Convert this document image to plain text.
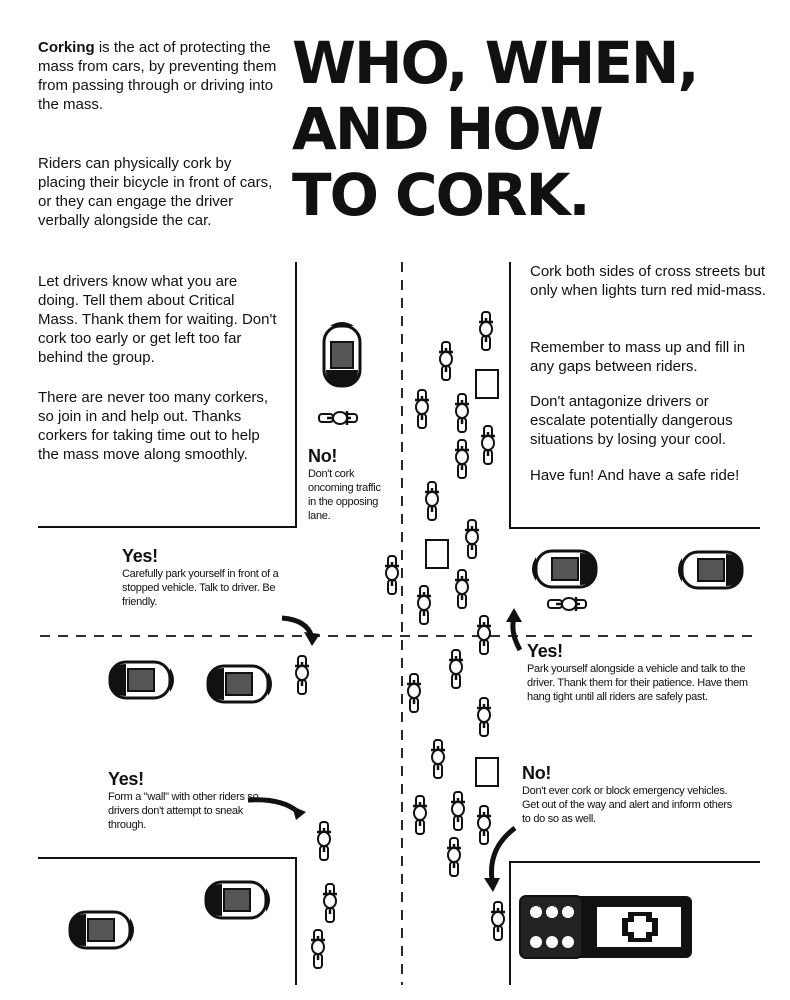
WHO, WHEN,
AND HOW
TO CORK.
Corking is the act of protecting the mass from cars, by preventing them from passing through or driving into the mass.
Riders can physically cork by placing their bicycle in front of cars, or they can engage the driver verbally alongside the car.
Let drivers know what you are doing. Tell them about Critical Mass. Thank them for waiting. Don't cork too early or get left too far behind the group.
There are never too many corkers, so join in and help out. Thanks corkers for taking time out to help the mass move along smoothly.
Cork both sides of cross streets but only when lights turn red mid-mass.
Remember to mass up and fill in any gaps between riders.
Don't antagonize drivers or escalate potentially dangerous situations by losing your cool.
Have fun! And have a safe ride!
No!
Don't cork oncoming traffic in the opposing lane.
Yes!
Carefully park yourself in front of a stopped vehicle. Talk to driver. Be friendly.
Yes!
Park yourself alongside a vehicle and talk to the driver. Thank them for their patience. Have them hang tight until all riders are safely past.
Yes!
Form a "wall" with other riders so drivers don't attempt to sneak through.
No!
Don't ever cork or block emergency vehicles. Get out of the way and alert and inform others to do so as well.
